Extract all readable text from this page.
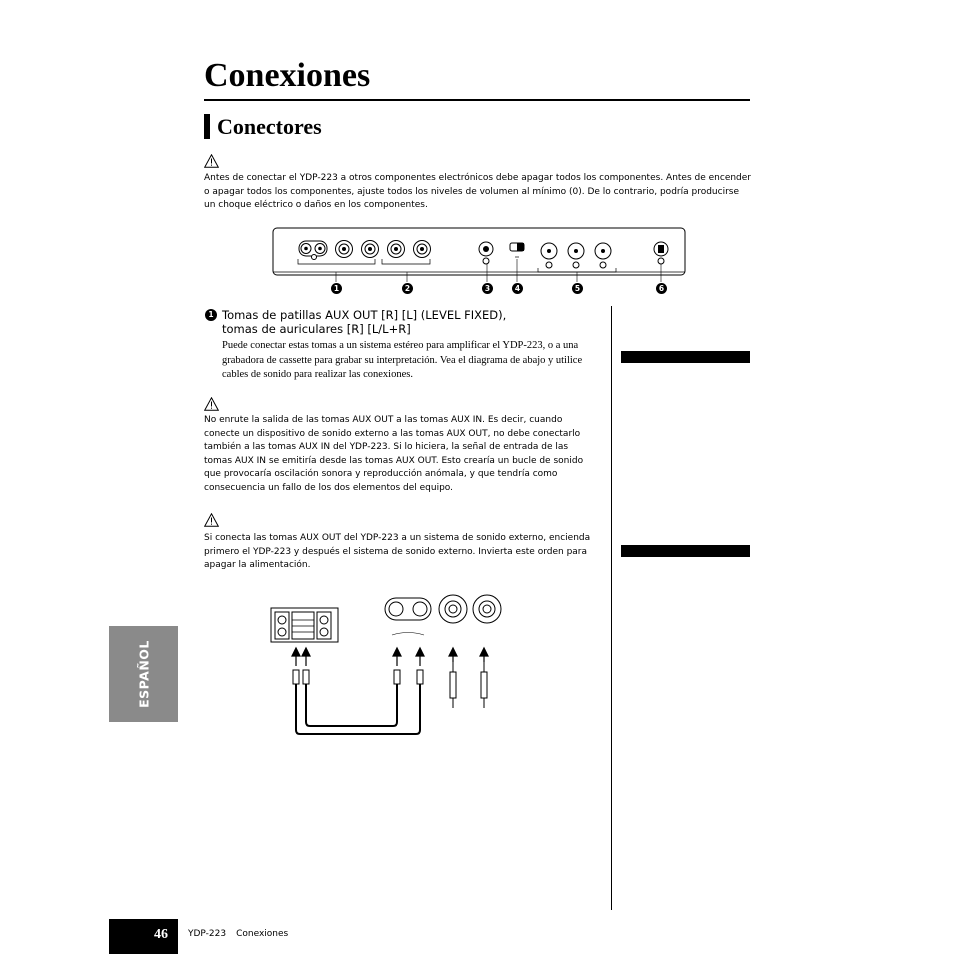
Conexiones
Conectores
Antes de conectar el YDP-223 a otros componentes electrónicos debe apagar todos los componentes. Antes de encender o apagar todos los componentes, ajuste todos los niveles de volumen al mínimo (0). De lo contrario, podría producirse un choque eléctrico o daños en los componentes.
1	2	3	4	5	6
1 Tomas de patillas AUX OUT [R] [L] (LEVEL FIXED),
tomas de auriculares [R] [L/L+R]
Puede conectar estas tomas a un sistema estéreo para amplificar el YDP-223, o a una grabadora de cassette para grabar su interpretación. Vea el diagrama de abajo y utilice cables de sonido para realizar las conexiones.
No enrute la salida de las tomas AUX OUT a las tomas AUX IN. Es decir, cuando conecte un dispositivo de sonido externo a las tomas AUX OUT, no debe conectarlo también a las tomas AUX IN del YDP-223. Si lo hiciera, la señal de entrada de las tomas AUX IN se emitiría desde las tomas AUX OUT. Esto crearía un bucle de sonido que provocaría oscilación sonora y reproducción anómala, y que tendría como consecuencia un fallo de los dos elementos del equipo.
Si conecta las tomas AUX OUT del YDP-223 a un sistema de sonido externo, encienda primero el YDP-223 y después el sistema de sonido externo. Invierta este orden para apagar la alimentación.
ESPAÑOL
46 YDP-223 Conexiones
